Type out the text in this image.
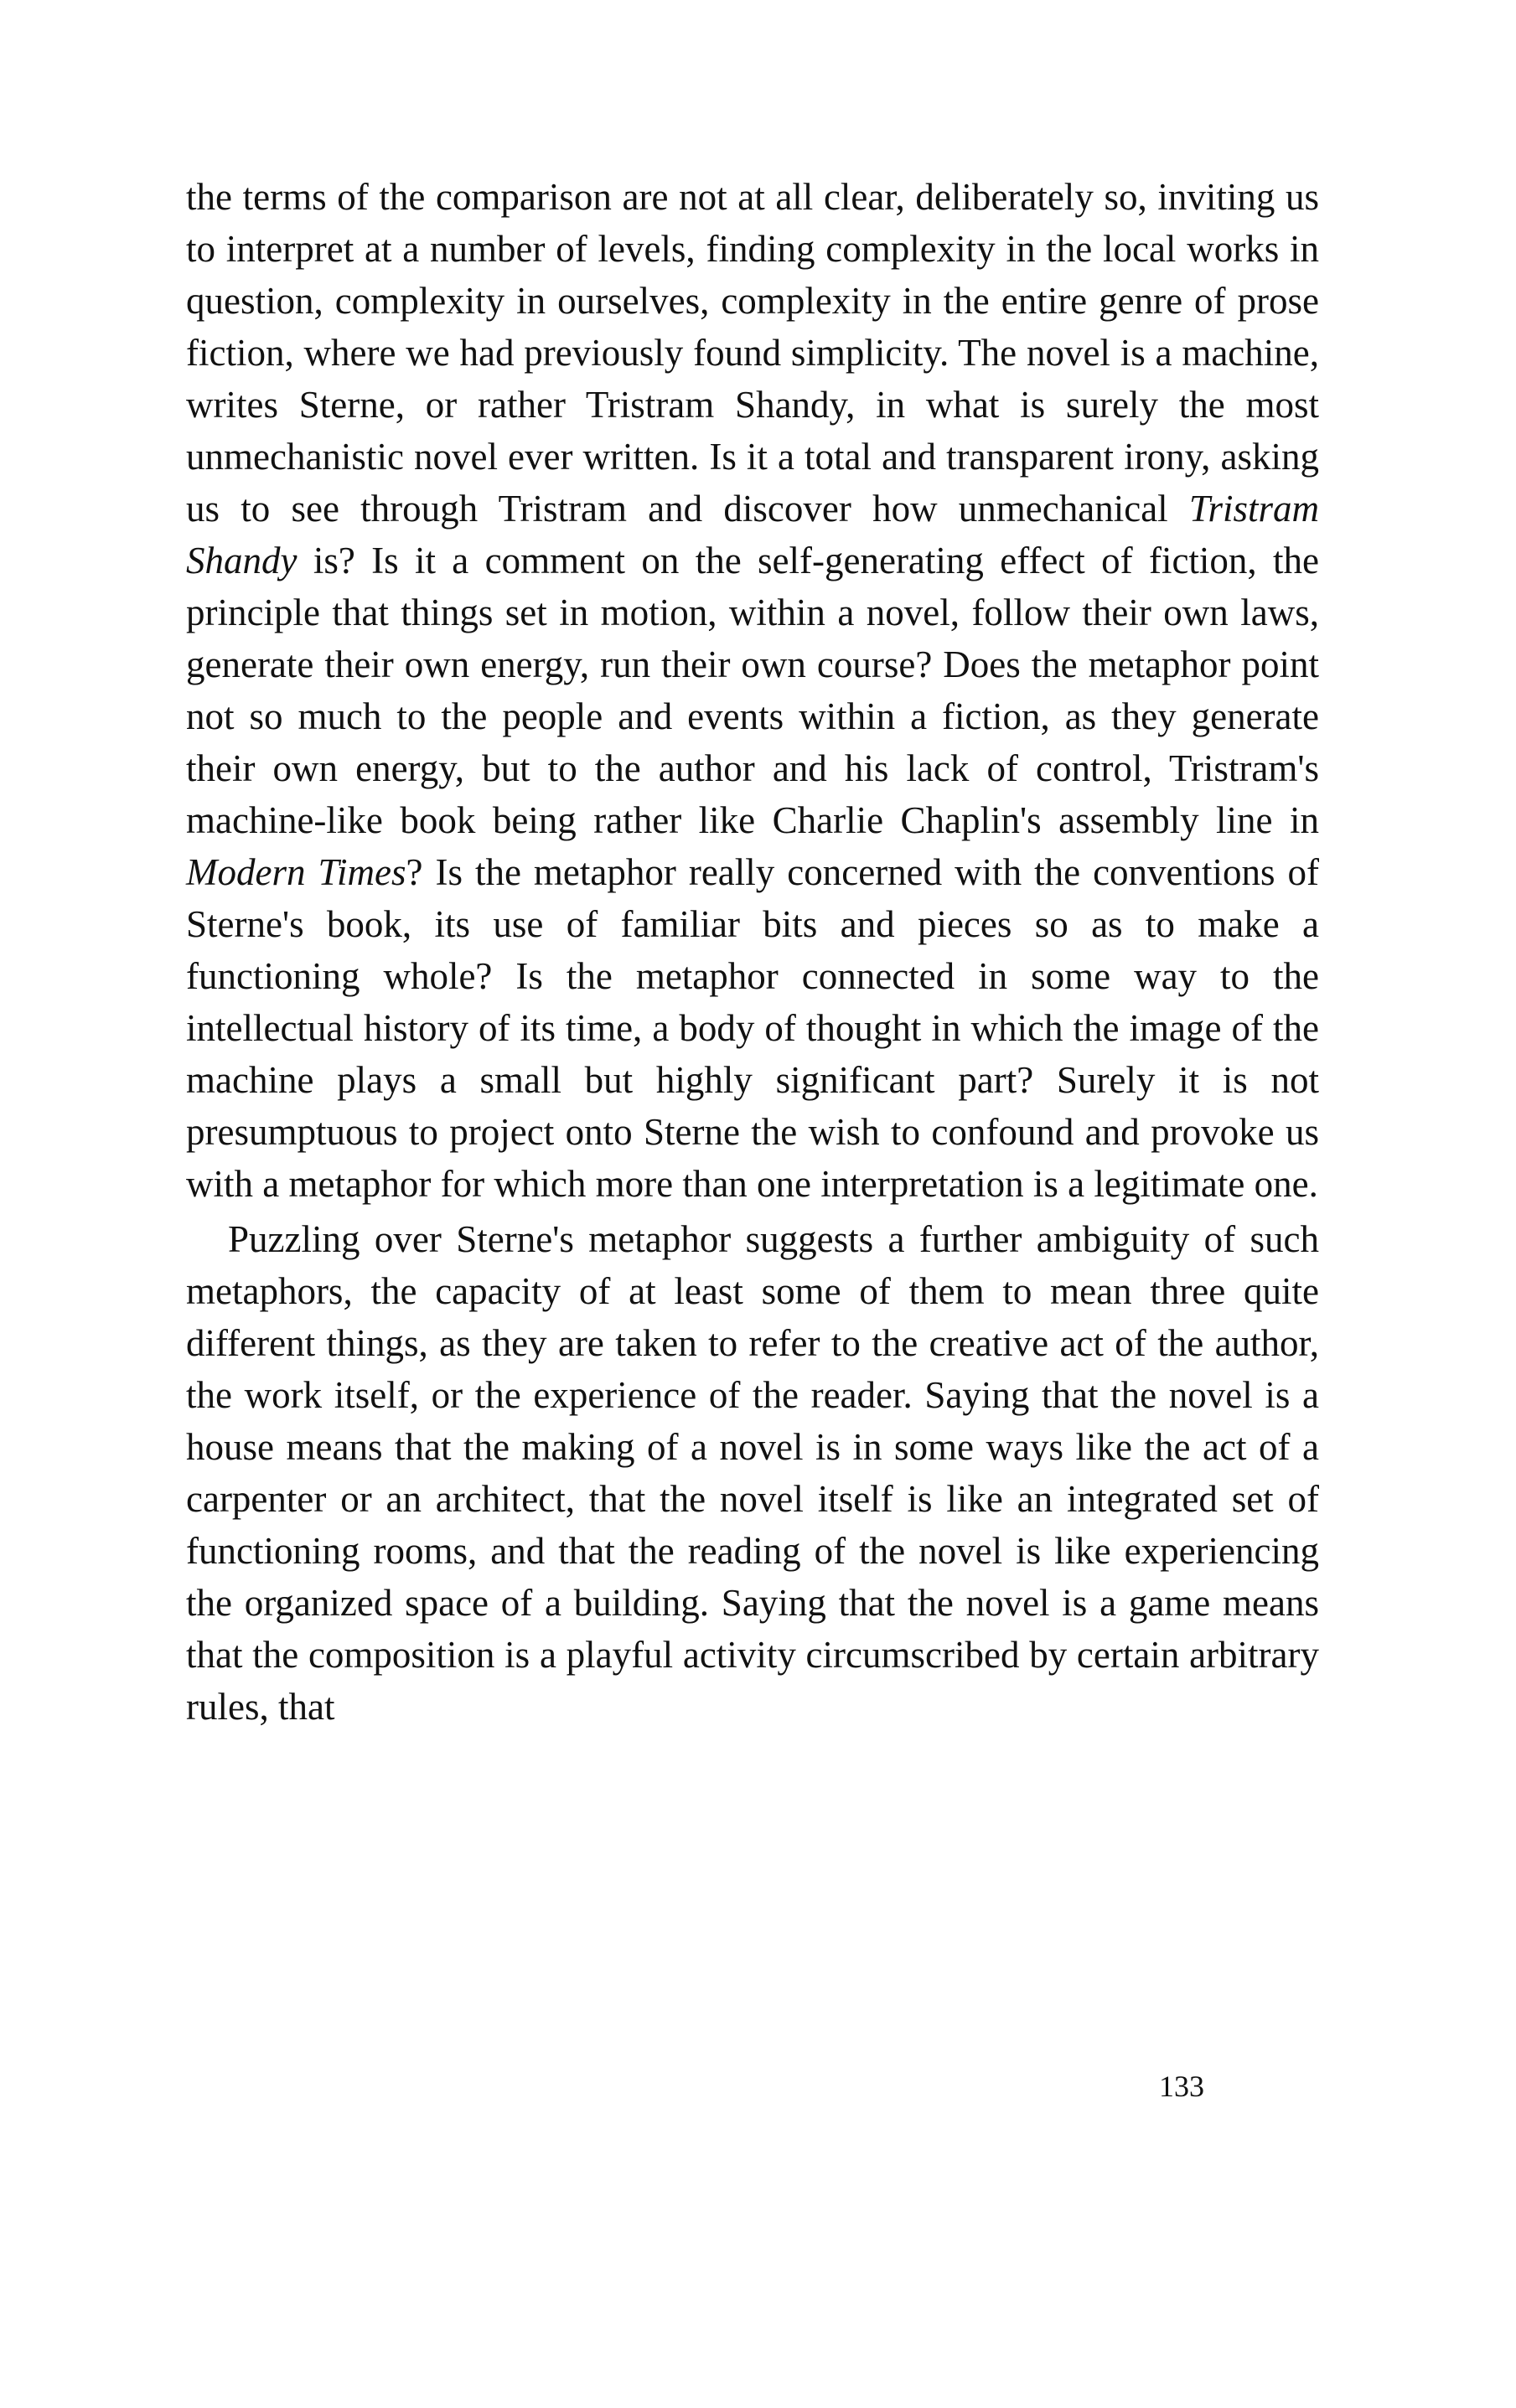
the terms of the comparison are not at all clear, deliberately so, inviting us to interpret at a number of levels, finding complexity in the local works in question, complexity in ourselves, complexity in the entire genre of prose fiction, where we had previously found simplicity. The novel is a machine, writes Sterne, or rather Tristram Shandy, in what is surely the most unmechanistic novel ever written. Is it a total and transparent irony, asking us to see through Tristram and discover how unmechanical Tristram Shandy is? Is it a comment on the self-generating effect of fiction, the principle that things set in motion, within a novel, follow their own laws, generate their own energy, run their own course? Does the metaphor point not so much to the people and events within a fiction, as they generate their own energy, but to the author and his lack of control, Tristram's machine-like book being rather like Charlie Chaplin's assembly line in Modern Times? Is the metaphor really concerned with the conventions of Sterne's book, its use of familiar bits and pieces so as to make a functioning whole? Is the metaphor connected in some way to the intellectual history of its time, a body of thought in which the image of the machine plays a small but highly significant part? Surely it is not presumptuous to project onto Sterne the wish to confound and provoke us with a metaphor for which more than one interpretation is a legitimate one.

Puzzling over Sterne's metaphor suggests a further ambiguity of such metaphors, the capacity of at least some of them to mean three quite different things, as they are taken to refer to the creative act of the author, the work itself, or the experience of the reader. Saying that the novel is a house means that the making of a novel is in some ways like the act of a carpenter or an architect, that the novel itself is like an integrated set of functioning rooms, and that the reading of the novel is like experiencing the organized space of a building. Saying that the novel is a game means that the composition is a playful activity circumscribed by certain arbitrary rules, that

133
